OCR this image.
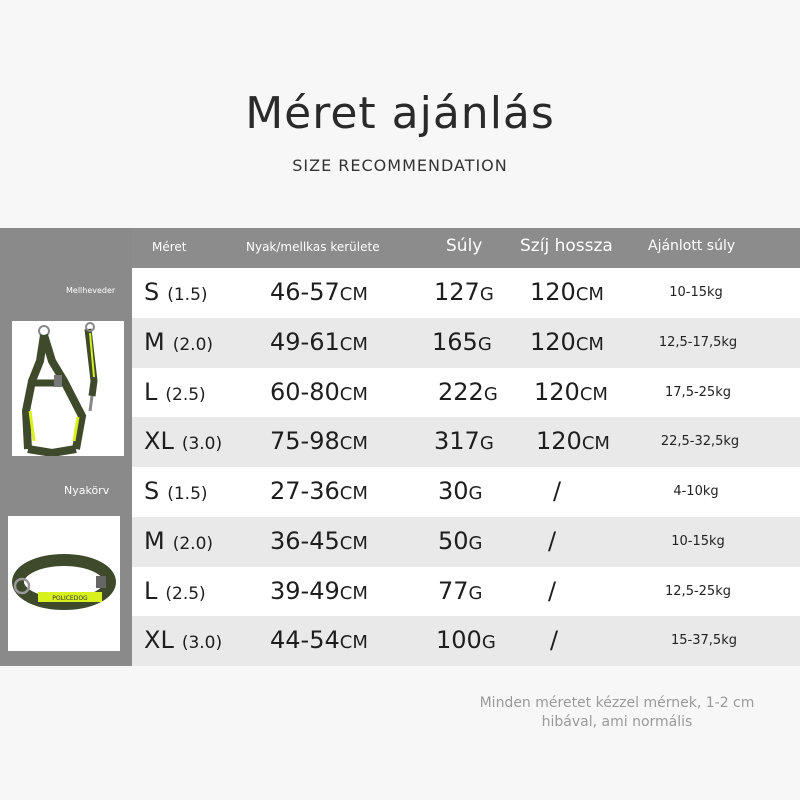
Méret ajánlás
SIZE RECOMMENDATION
Mellheveder
Nyakörv
POLICEDOG
Méret	Nyak/mellkas kerülete	Súly Szíj hossza	Ajánlott súly
S (1.5)	46-57CM	127G 120CM	10-15kg
M (2.0) 49-61CM	165G 120CM	12,5-17,5kg
L (2.5)	60-80CM	222G 120CM	17,5-25kg
XL (3.0) 75-98CM	317G 120CM	22,5-32,5kg
S (1.5)	27-36CM	30G	/	4-10kg
M (2.0) 36-45CM	50G	/	10-15kg
L (2.5)	39-49CM	77G	/	12,5-25kg
XL (3.0) 44-54CM	100G /	15-37,5kg
Minden méretet kézzel mérnek, 1-2 cm hibával, ami normális
